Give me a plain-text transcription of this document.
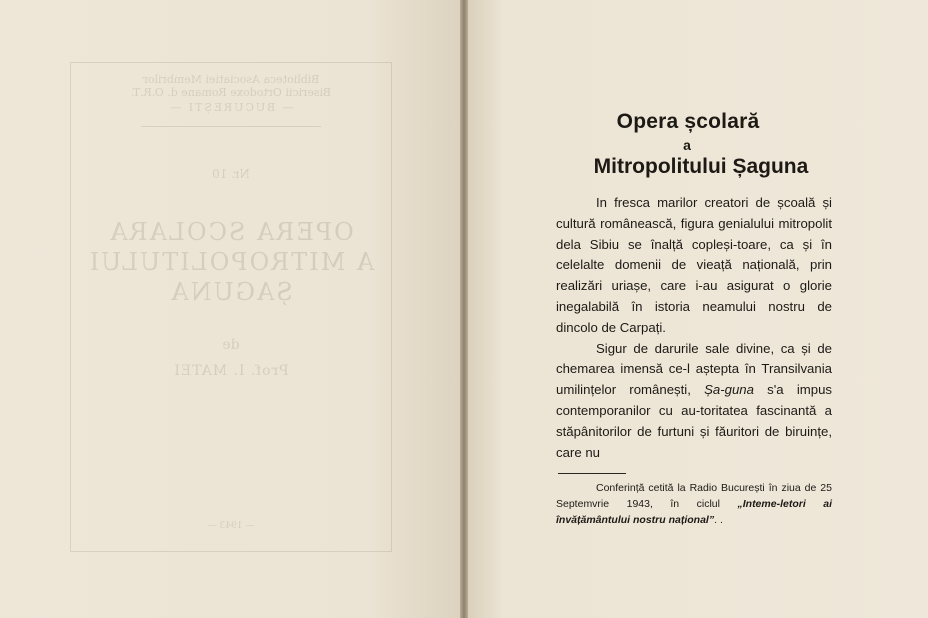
Biblioteca Asociatiei Membrilor
Bisericii Ortodoxe Romane d. O.R.T.
— BUCUREȘTI —
Nr. 10
OPERA SCOLARA
A MITROPOLITULUI
ȘAGUNA
de
Prof. I. MATEI
— 1943 —
Opera școlară
a
Mitropolitului Șaguna

In fresca marilor creatori de școală și cultură românească, figura genialului mitropolit dela Sibiu se înalță copleși-toare, ca și în celelalte domenii de vieață națională, prin realizări uriașe, care i-au asigurat o glorie inegalabilă în istoria neamului nostru de dincolo de Carpați.

Sigur de darurile sale divine, ca și de chemarea imensă ce-l aștepta în Transilvania umilințelor românești, Șa-guna s'a impus contemporanilor cu au-toritatea fascinantă a stăpânitorilor de furtuni și făuritori de biruințe, care nu

Conferință cetită la Radio București în ziua de 25 Septemvrie 1943, în ciclul „Inteme-letori ai învățământului nostru național”. .
